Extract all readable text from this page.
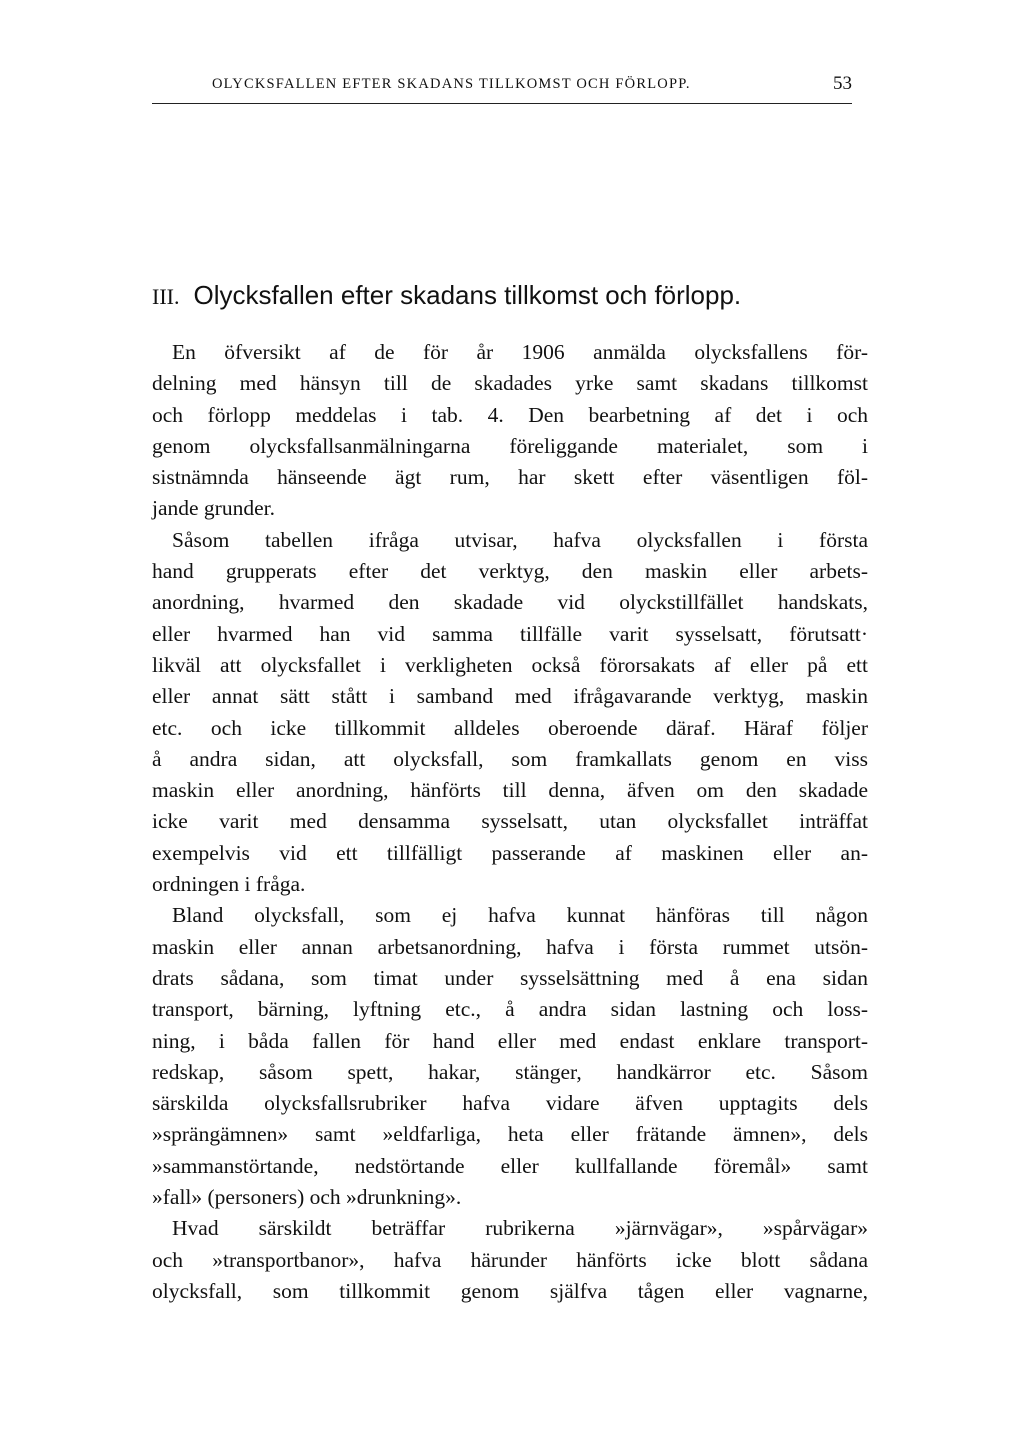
OLYCKSFALLEN EFTER SKADANS TILLKOMST OCH FÖRLOPP.	53
III. Olycksfallen efter skadans tillkomst och förlopp.
En öfversikt af de för år 1906 anmälda olycksfallens för-
delning med hänsyn till de skadades yrke samt skadans tillkomst
och förlopp meddelas i tab. 4. Den bearbetning af det i och
genom olycksfallsanmälningarna föreliggande materialet, som i
sistnämnda hänseende ägt rum, har skett efter väsentligen föl-
jande grunder.
Såsom tabellen ifråga utvisar, hafva olycksfallen i första
hand grupperats efter det verktyg, den maskin eller arbets-
anordning, hvarmed den skadade vid olyckstillfället handskats,
eller hvarmed han vid samma tillfälle varit sysselsatt, förutsatt·
likväl att olycksfallet i verkligheten också förorsakats af eller på ett
eller annat sätt stått i samband med ifrågavarande verktyg, maskin
etc. och icke tillkommit alldeles oberoende däraf. Häraf följer
å andra sidan, att olycksfall, som framkallats genom en viss
maskin eller anordning, hänförts till denna, äfven om den skadade
icke varit med densamma sysselsatt, utan olycksfallet inträffat
exempelvis vid ett tillfälligt passerande af maskinen eller an-
ordningen i fråga.
Bland olycksfall, som ej hafva kunnat hänföras till någon
maskin eller annan arbetsanordning, hafva i första rummet utsön-
drats sådana, som timat under sysselsättning med å ena sidan
transport, bärning, lyftning etc., å andra sidan lastning och loss-
ning, i båda fallen för hand eller med endast enklare transport-
redskap, såsom spett, hakar, stänger, handkärror etc. Såsom
särskilda olycksfallsrubriker hafva vidare äfven upptagits dels
»sprängämnen» samt »eldfarliga, heta eller frätande ämnen», dels
»sammanstörtande, nedstörtande eller kullfallande föremål» samt
»fall» (personers) och »drunkning».
Hvad särskildt beträffar rubrikerna »järnvägar», »spårvägar»
och »transportbanor», hafva härunder hänförts icke blott sådana
olycksfall, som tillkommit genom själfva tågen eller vagnarne,
